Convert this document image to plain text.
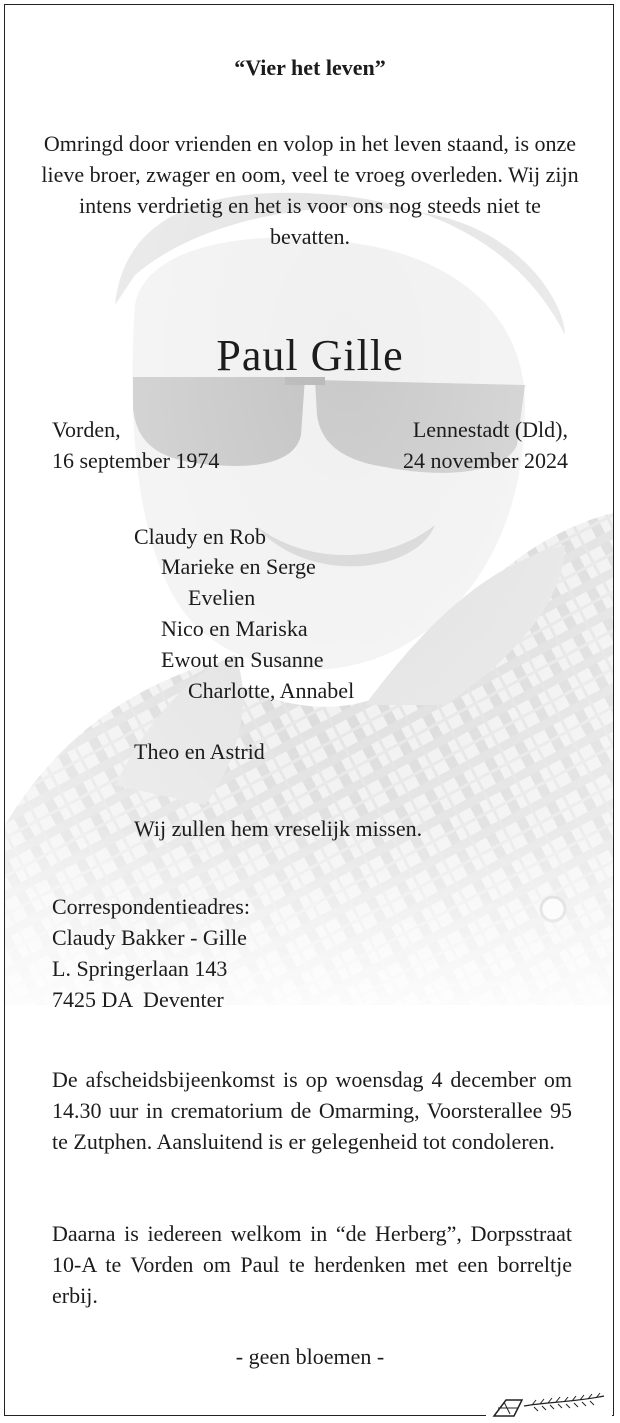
“Vier het leven”
Omringd door vrienden en volop in het leven staand, is onze lieve broer, zwager en oom, veel te vroeg overleden. Wij zijn intens verdrietig en het is voor ons nog steeds niet te bevatten.
Paul Gille
Vorden,
16 september 1974
Lennestadt (Dld),
24 november 2024
Claudy en Rob
Marieke en Serge
Evelien
Nico en Mariska
Ewout en Susanne
Charlotte, Annabel
Theo en Astrid
Wij zullen hem vreselijk missen.
Correspondentieadres:
Claudy Bakker - Gille
L. Springerlaan 143
7425 DA  Deventer
De afscheidsbijeenkomst is op woensdag 4 december om 14.30 uur in crematorium de Omarming, Voorsterallee 95 te Zutphen. Aansluitend is er gelegenheid tot condoleren.
Daarna is iedereen welkom in “de Herberg”, Dorpsstraat 10-A te Vorden om Paul te herdenken met een borreltje erbij.
- geen bloemen -
